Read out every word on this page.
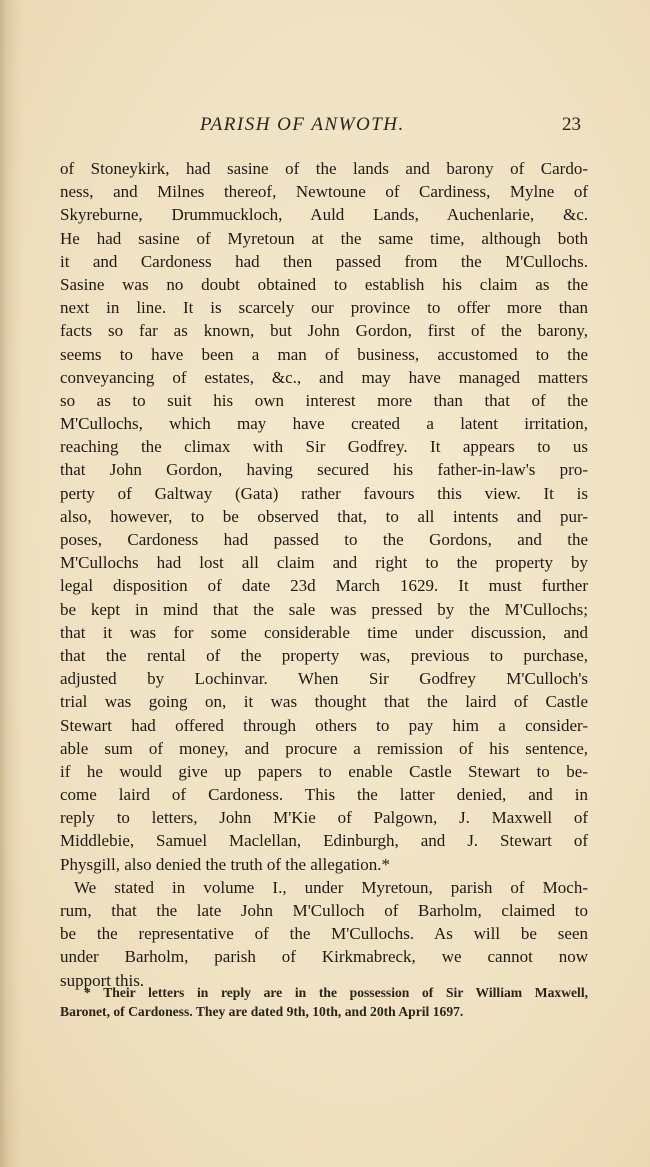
PARISH OF ANWOTH.	23
of Stoneykirk, had sasine of the lands and barony of Cardo-
ness, and Milnes thereof, Newtoune of Cardiness, Mylne of
Skyreburne, Drummuckloch, Auld Lands, Auchenlarie, &c.
He had sasine of Myretoun at the same time, although both
it and Cardoness had then passed from the M'Cullochs.
Sasine was no doubt obtained to establish his claim as the
next in line. It is scarcely our province to offer more than
facts so far as known, but John Gordon, first of the barony,
seems to have been a man of business, accustomed to the
conveyancing of estates, &c., and may have managed matters
so as to suit his own interest more than that of the
M'Cullochs, which may have created a latent irritation,
reaching the climax with Sir Godfrey. It appears to us
that John Gordon, having secured his father-in-law's pro-
perty of Galtway (Gata) rather favours this view. It is
also, however, to be observed that, to all intents and pur-
poses, Cardoness had passed to the Gordons, and the
M'Cullochs had lost all claim and right to the property by
legal disposition of date 23d March 1629. It must further
be kept in mind that the sale was pressed by the M'Cullochs;
that it was for some considerable time under discussion, and
that the rental of the property was, previous to purchase,
adjusted by Lochinvar. When Sir Godfrey M'Culloch's
trial was going on, it was thought that the laird of Castle
Stewart had offered through others to pay him a consider-
able sum of money, and procure a remission of his sentence,
if he would give up papers to enable Castle Stewart to be-
come laird of Cardoness. This the latter denied, and in
reply to letters, John M'Kie of Palgown, J. Maxwell of
Middlebie, Samuel Maclellan, Edinburgh, and J. Stewart of
Physgill, also denied the truth of the allegation.*
We stated in volume I., under Myretoun, parish of Moch-
rum, that the late John M'Culloch of Barholm, claimed to
be the representative of the M'Cullochs. As will be seen
under Barholm, parish of Kirkmabreck, we cannot now
support this.
* Their letters in reply are in the possession of Sir William Maxwell,
Baronet, of Cardoness. They are dated 9th, 10th, and 20th April 1697.
